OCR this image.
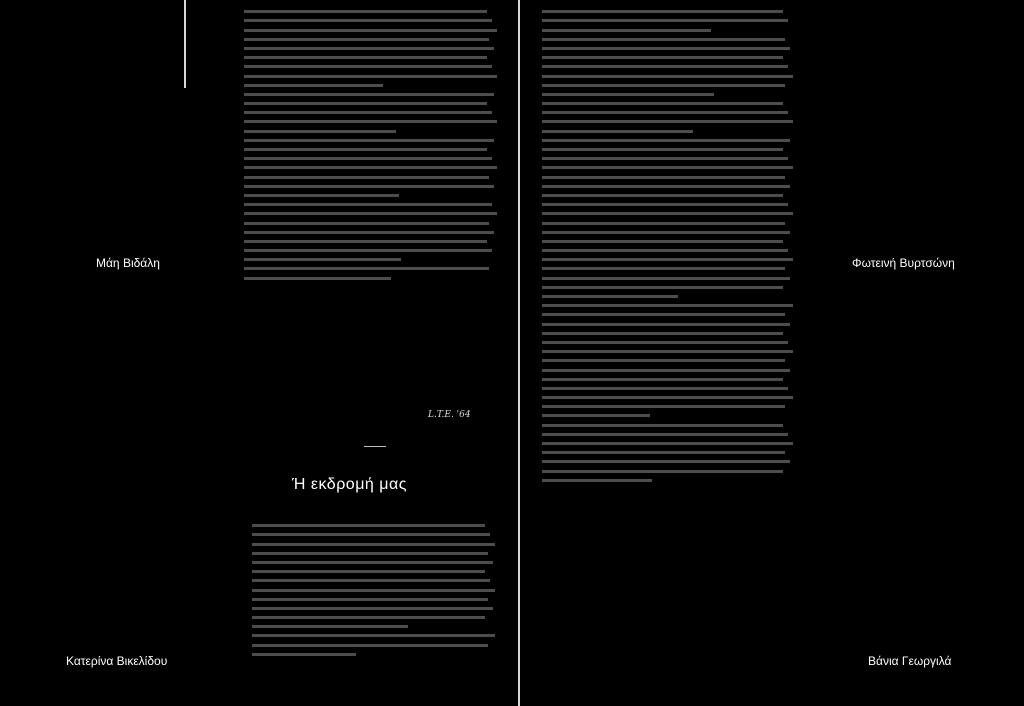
Μάη Βιδάλη	Φωτεινή Βυρτσώνη
Κατερίνα Βικελίδου	Βάνια Γεωργιλά
L.T.E. '64
Ή εκδρομή μας
